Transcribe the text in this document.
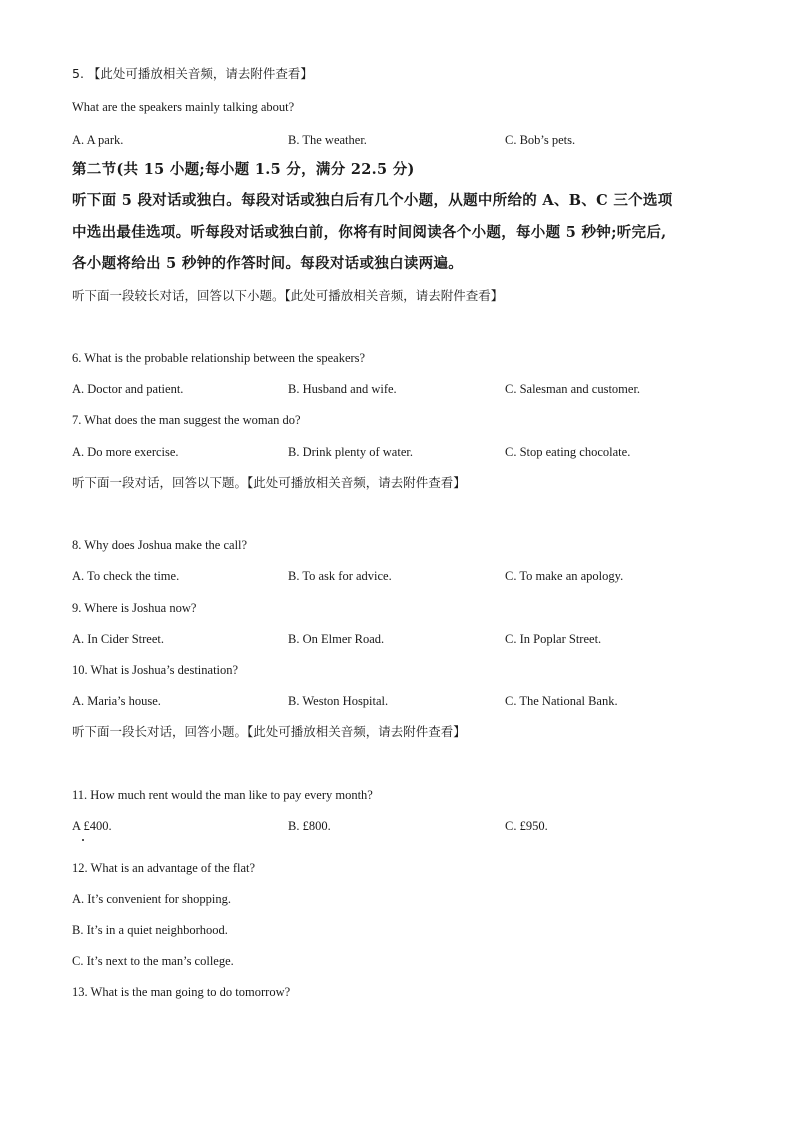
5. 【此处可播放相关音频，请去附件查看】
What are the speakers mainly talking about?
A. A park.	B. The weather.	C. Bob’s pets.
第二节(共 15 小题;每小题 1.5 分，满分 22.5 分)
听下面 5 段对话或独白。每段对话或独白后有几个小题，从题中所给的 A、B、C 三个选项
中选出最佳选项。听每段对话或独白前，你将有时间阅读各个小题，每小题 5 秒钟;听完后,
各小题将给出 5 秒钟的作答时间。每段对话或独白读两遍。
听下面一段较长对话，回答以下小题。【此处可播放相关音频，请去附件查看】
6. What is the probable relationship between the speakers?
A. Doctor and patient.	B. Husband and wife.	C. Salesman and customer.
7. What does the man suggest the woman do?
A. Do more exercise.	B. Drink plenty of water.	C. Stop eating chocolate.
听下面一段对话，回答以下题。【此处可播放相关音频，请去附件查看】
8. Why does Joshua make the call?
A. To check the time.	B. To ask for advice.	C. To make an apology.
9. Where is Joshua now?
A. In Cider Street.	B. On Elmer Road.	C. In Poplar Street.
10. What is Joshua’s destination?
A. Maria’s house.	B. Weston Hospital.	C. The National Bank.
听下面一段长对话，回答小题。【此处可播放相关音频，请去附件查看】
11. How much rent would the man like to pay every month?
A £400.	B. £800.	C. £950.
12. What is an advantage of the flat?
A. It’s convenient for shopping.
B. It’s in a quiet neighborhood.
C. It’s next to the man’s college.
13. What is the man going to do tomorrow?
